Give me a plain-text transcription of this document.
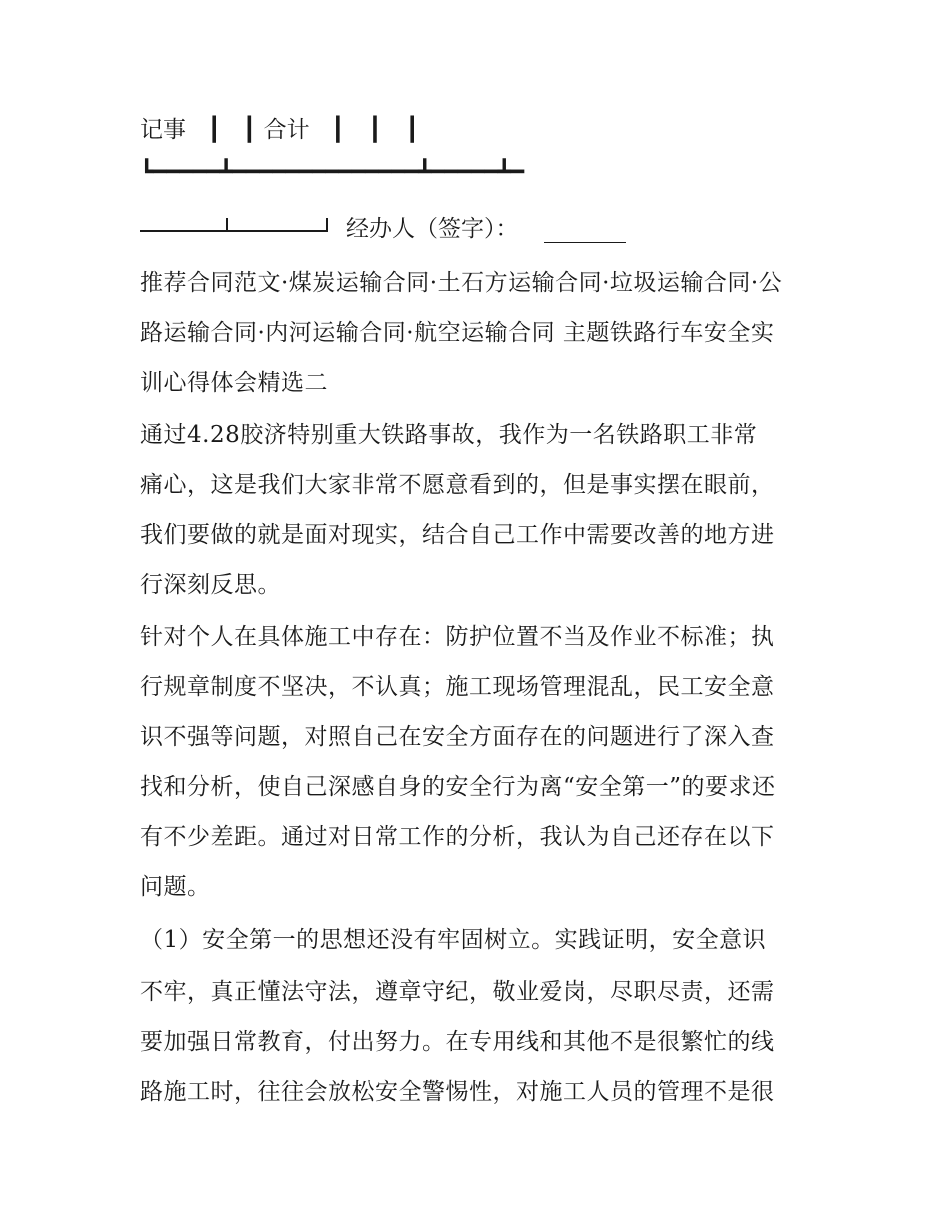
记事 ┃ ┃ 合计 ┃ ┃ ┃
┗━━━━━┻━━━━━━━━━━━━━━┻━━━━━┻━
经办人（签字）：
推荐合同范文·煤炭运输合同·土石方运输合同·垃圾运输合同·公
路运输合同·内河运输合同·航空运输合同 主题铁路行车安全实
训心得体会精选二
通过4.28胶济特别重大铁路事故，我作为一名铁路职工非常
痛心，这是我们大家非常不愿意看到的，但是事实摆在眼前，
我们要做的就是面对现实，结合自己工作中需要改善的地方进
行深刻反思。
针对个人在具体施工中存在：防护位置不当及作业不标准；执
行规章制度不坚决，不认真；施工现场管理混乱，民工安全意
识不强等问题，对照自己在安全方面存在的问题进行了深入查
找和分析，使自己深感自身的安全行为离“安全第一”的要求还
有不少差距。通过对日常工作的分析，我认为自己还存在以下
问题。
（1）安全第一的思想还没有牢固树立。实践证明，安全意识
不牢，真正懂法守法，遵章守纪，敬业爱岗，尽职尽责，还需
要加强日常教育，付出努力。在专用线和其他不是很繁忙的线
路施工时，往往会放松安全警惕性，对施工人员的管理不是很
